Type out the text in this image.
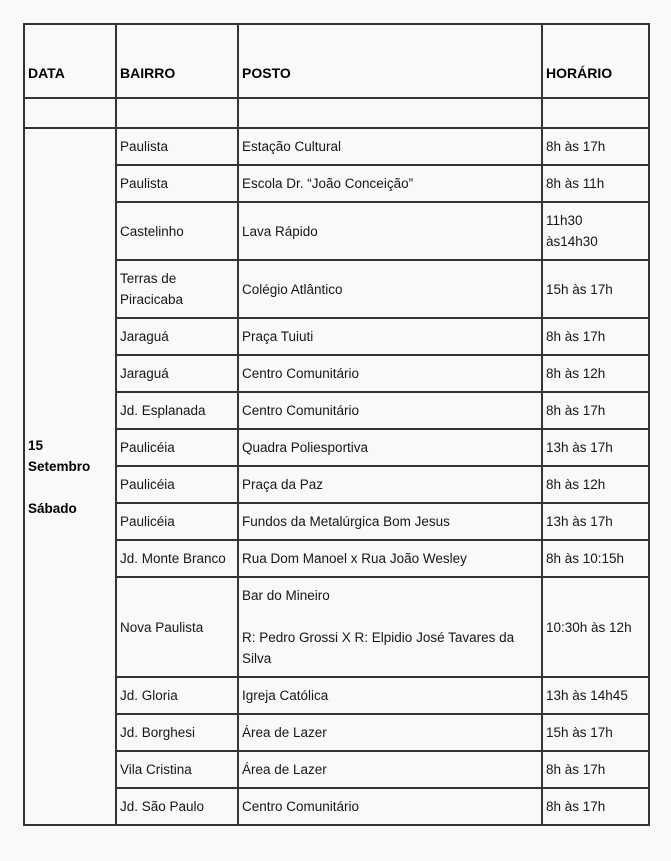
DATA	BAIRRO	POSTO	HORÁRIO

15
Setembro
Sábado	Paulista	Estação Cultural	8h às 17h

	Paulista	Escola Dr. “João Conceição”	8h às 11h

	Castelinho	Lava Rápido	11h30
às14h30

	Terras de Piracicaba	Colégio Atlântico	15h às 17h

	Jaraguá	Praça Tuiuti	8h às 17h

	Jaraguá	Centro Comunitário	8h às 12h

	Jd. Esplanada	Centro Comunitário	8h às 17h

	Paulicéia	Quadra Poliesportiva	13h às 17h

	Paulicéia	Praça da Paz	8h às 12h

	Paulicéia	Fundos da Metalúrgica Bom Jesus	13h às 17h

	Jd. Monte Branco	Rua Dom Manoel x Rua João Wesley	8h às 10:15h

	Nova Paulista	Bar do Mineiro
R: Pedro Grossi X R: Elpidio José Tavares da Silva	10:30h às 12h

	Jd. Gloria	Igreja Católica	13h às 14h45

	Jd. Borghesi	Área de Lazer	15h às 17h

	Vila Cristina	Área de Lazer	8h às 17h

	Jd. São Paulo	Centro Comunitário	8h às 17h
